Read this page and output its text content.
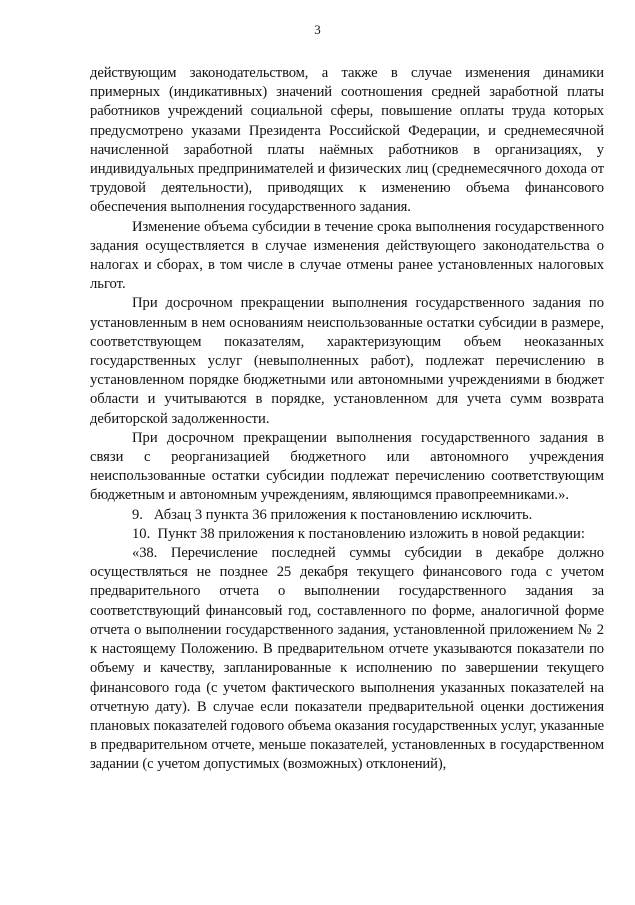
3

действующим законодательством, а также в случае изменения динамики примерных (индикативных) значений соотношения средней заработной платы работников учреждений социальной сферы, повышение оплаты труда которых предусмотрено указами Президента Российской Федерации, и среднемесячной начисленной заработной платы наёмных работников в организациях, у индивидуальных предпринимателей и физических лиц (среднемесячного дохода от трудовой деятельности), приводящих к изменению объема финансового обеспечения выполнения государственного задания.

Изменение объема субсидии в течение срока выполнения государственного задания осуществляется в случае изменения действующего законодательства о налогах и сборах, в том числе в случае отмены ранее установленных налоговых льгот.

При досрочном прекращении выполнения государственного задания по установленным в нем основаниям неиспользованные остатки субсидии в размере, соответствующем показателям, характеризующим объем неоказанных государственных услуг (невыполненных работ), подлежат перечислению в установленном порядке бюджетными или автономными учреждениями в бюджет области и учитываются в порядке, установленном для учета сумм возврата дебиторской задолженности.

При досрочном прекращении выполнения государственного задания в связи с реорганизацией бюджетного или автономного учреждения неиспользованные остатки субсидии подлежат перечислению соответствующим бюджетным и автономным учреждениям, являющимся правопреемниками.».

9.   Абзац 3 пункта 36 приложения к постановлению исключить.

10.  Пункт 38 приложения к постановлению изложить в новой редакции:

«38. Перечисление последней суммы субсидии в декабре должно осуществляться не позднее 25 декабря текущего финансового года с учетом предварительного отчета о выполнении государственного задания за соответствующий финансовый год, составленного по форме, аналогичной форме отчета о выполнении государственного задания, установленной приложением № 2 к настоящему Положению. В предварительном отчете указываются показатели по объему и качеству, запланированные к исполнению по завершении текущего финансового года (с учетом фактического выполнения указанных показателей на отчетную дату). В случае если показатели предварительной оценки достижения плановых показателей годового объема оказания государственных услуг, указанные в предварительном отчете, меньше показателей, установленных в государственном задании (с учетом допустимых (возможных) отклонений),
